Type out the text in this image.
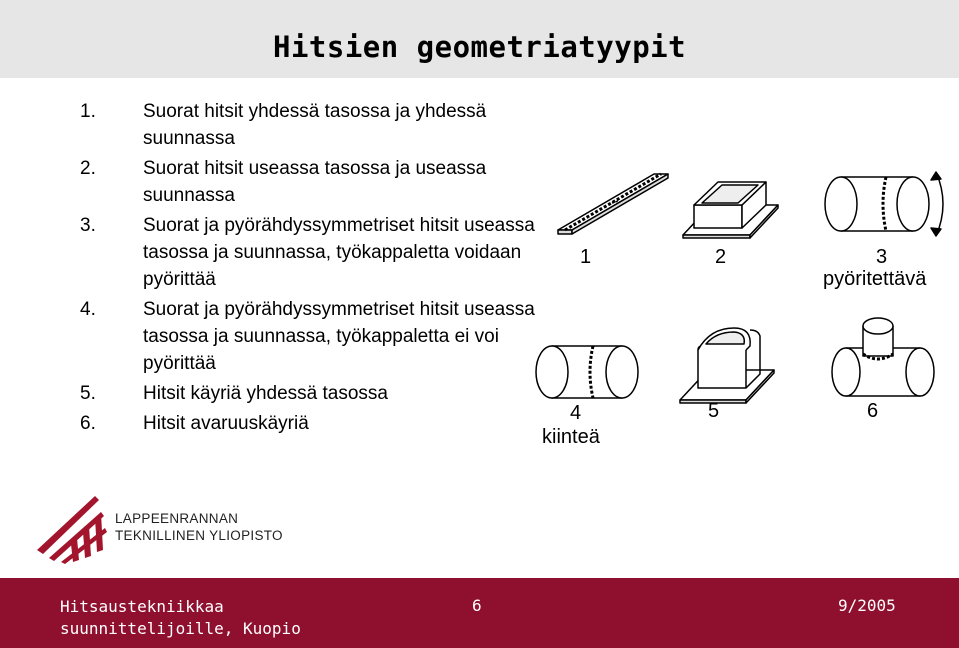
Hitsien geometriatyypit
1. Suorat hitsit yhdessä tasossa ja yhdessä suunnassa
2. Suorat hitsit useassa tasossa ja useassa suunnassa
3. Suorat ja pyörähdyssymmetriset hitsit useassa tasossa ja suunnassa, työkappaletta voidaan pyörittää
4. Suorat ja pyörähdyssymmetriset hitsit useassa tasossa ja suunnassa, työkappaletta ei voi pyörittää
5. Hitsit käyriä yhdessä tasossa
6. Hitsit avaruuskäyriä
1	2	3
pyöritettävä
4
kiinteä
5	6
LAPPEENRANNAN
TEKNILLINEN YLIOPISTO
Hitsaustekniikkaa
suunnittelijoille, Kuopio
6	9/2005
